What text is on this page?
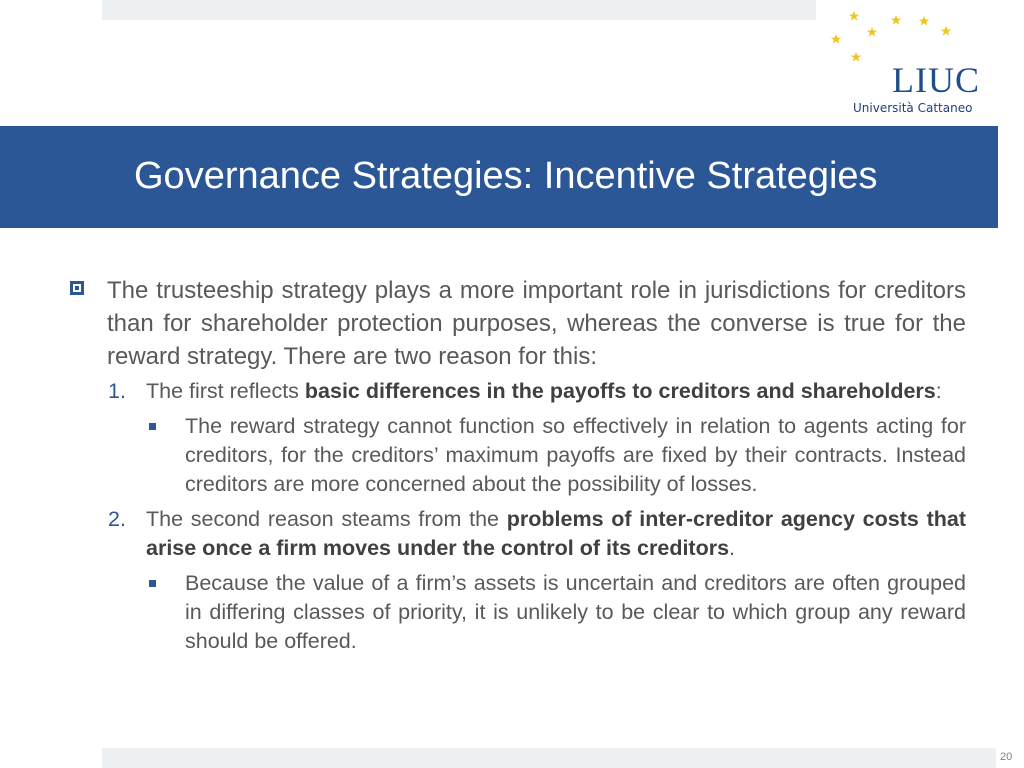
LIUC
Università Cattaneo
Governance Strategies: Incentive Strategies
The trusteeship strategy plays a more important role in jurisdictions for creditors than for shareholder protection purposes, whereas the converse is true for the reward strategy. There are two reason for this:
1. The first reflects basic differences in the payoffs to creditors and shareholders:
The reward strategy cannot function so effectively in relation to agents acting for creditors, for the creditors’ maximum payoffs are fixed by their contracts. Instead creditors are more concerned about the possibility of losses.
2. The second reason steams from the problems of inter-creditor agency costs that arise once a firm moves under the control of its creditors.
Because the value of a firm’s assets is uncertain and creditors are often grouped in differing classes of priority, it is unlikely to be clear to which group any reward should be offered.
20
